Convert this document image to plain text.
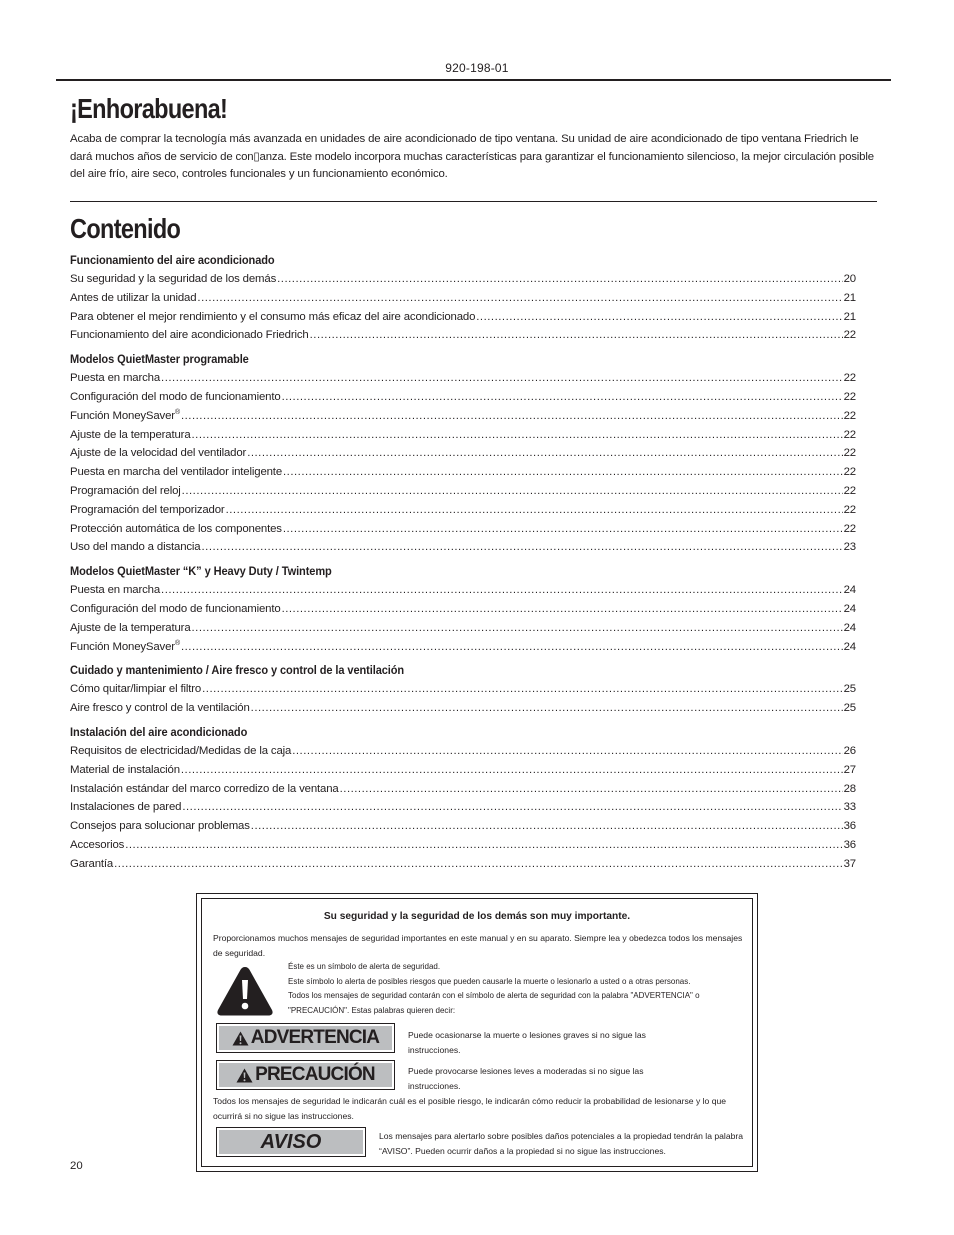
920-198-01
¡Enhorabuena!

Acaba de comprar la tecnología más avanzada en unidades de aire acondicionado de tipo ventana. Su unidad de aire acondicionado de tipo ventana Friedrich le dará muchos años de servicio de con▯anza. Este modelo incorpora muchas características para garantizar el funcionamiento silencioso, la mejor circulación posible del aire frío, aire seco, controles funcionales y un funcionamiento económico.

Contenido
Funcionamiento del aire acondicionado
Su seguridad y la seguridad de los demás .....	20
Antes de utilizar la unidad .....	21
Para obtener el mejor rendimiento y el consumo más eficaz del aire acondicionado .....	21
Funcionamiento del aire acondicionado Friedrich .....	22
Modelos QuietMaster programable
Puesta en marcha .....	22
Configuración del modo de funcionamiento .....	22
Función MoneySaver® .....	22
Ajuste de la temperatura .....	22
Ajuste de la velocidad del ventilador .....	22
Puesta en marcha del ventilador inteligente .....	22
Programación del reloj .....	22
Programación del temporizador .....	22
Protección automática de los componentes .....	22
Uso del mando a distancia .....	23
Modelos QuietMaster “K” y Heavy Duty / Twintemp
Puesta en marcha .....	24
Configuración del modo de funcionamiento .....	24
Ajuste de la temperatura .....	24
Función MoneySaver® .....	24
Cuidado y mantenimiento / Aire fresco y control de la ventilación
Cómo quitar/limpiar el filtro .....	25
Aire fresco y control de la ventilación .....	25
Instalación del aire acondicionado
Requisitos de electricidad/Medidas de la caja .....	26
Material de instalación .....	27
Instalación estándar del marco corredizo de la ventana .....	28
Instalaciones de pared .....	33
Consejos para solucionar problemas .....	36
Accesorios .....	36
Garantía .....	37
Su seguridad y la seguridad de los demás son muy importante.
Proporcionamos muchos mensajes de seguridad importantes en este manual y en su aparato. Siempre lea y obedezca todos los mensajes de seguridad.
Éste es un símbolo de alerta de seguridad.
Este símbolo lo alerta de posibles riesgos que pueden causarle la muerte o lesionarlo a usted o a otras personas.
Todos los mensajes de seguridad contarán con el símbolo de alerta de seguridad con la palabra "ADVERTENCIA" o "PRECAUCIÓN". Estas palabras quieren decir:
ADVERTENCIA	Puede ocasionarse la muerte o lesiones graves si no sigue las instrucciones.
PRECAUCIÓN	Puede provocarse lesiones leves a moderadas si no sigue las instrucciones.
Todos los mensajes de seguridad le indicarán cuál es el posible riesgo, le indicarán cómo reducir la probabilidad de lesionarse y lo que ocurrirá si no sigue las instrucciones.
AVISO	Los mensajes para alertarlo sobre posibles daños potenciales a la propiedad tendrán la palabra “AVISO”. Pueden ocurrir daños a la propiedad si no sigue las instrucciones.
20
